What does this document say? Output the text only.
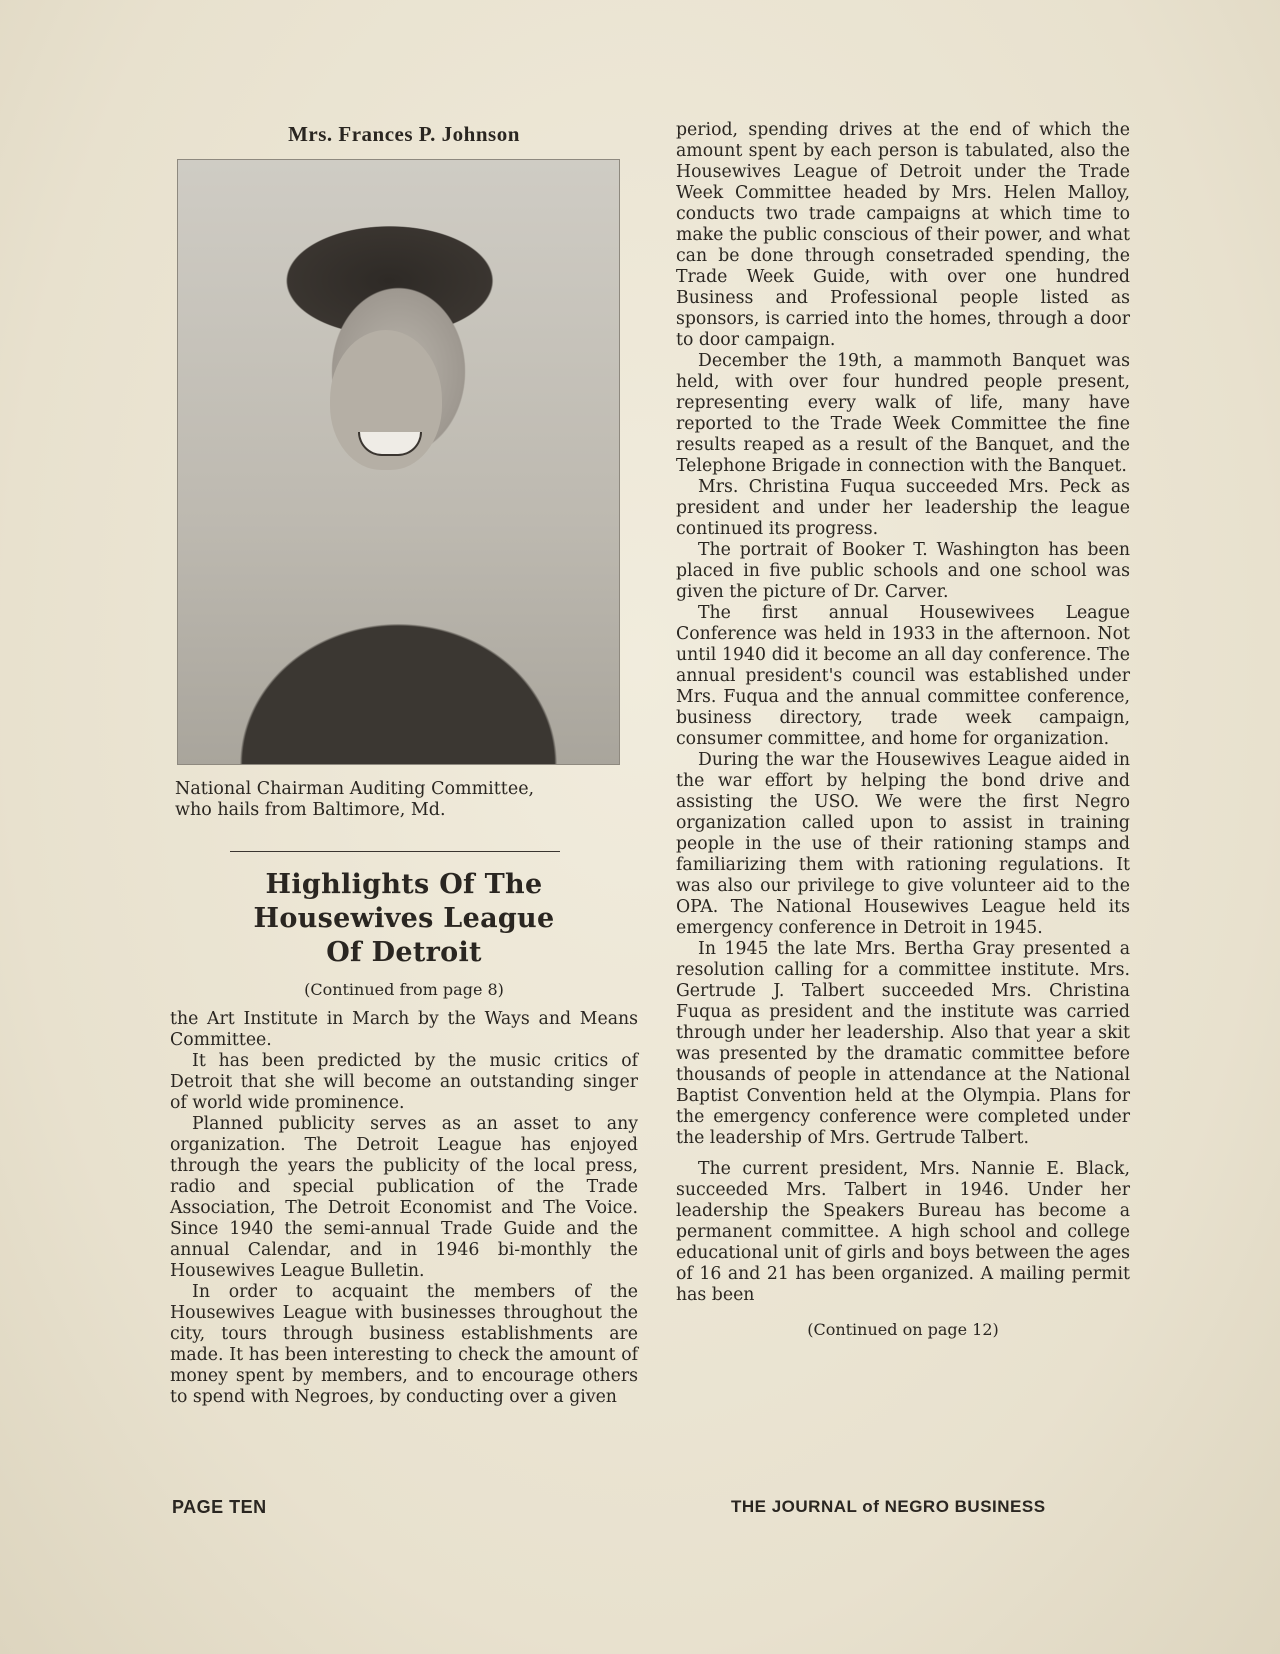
Mrs. Frances P. Johnson
National Chairman Auditing Committee,
who hails from Baltimore, Md.
Highlights Of The
Housewives League
Of Detroit
(Continued from page 8)

the Art Institute in March by the Ways and Means Committee.

It has been predicted by the music critics of Detroit that she will become an outstanding singer of world wide prominence.

Planned publicity serves as an asset to any organization. The Detroit League has enjoyed through the years the publicity of the local press, radio and special publication of the Trade Association, The Detroit Economist and The Voice. Since 1940 the semi-annual Trade Guide and the annual Calendar, and in 1946 bi-monthly the Housewives League Bulletin.

In order to acquaint the members of the Housewives League with businesses throughout the city, tours through business establishments are made. It has been interesting to check the amount of money spent by members, and to encourage others to spend with Negroes, by conducting over a given

period, spending drives at the end of which the amount spent by each person is tabulated, also the Housewives League of Detroit under the Trade Week Committee headed by Mrs. Helen Malloy, conducts two trade campaigns at which time to make the public conscious of their power, and what can be done through consetraded spending, the Trade Week Guide, with over one hundred Business and Professional people listed as sponsors, is carried into the homes, through a door to door campaign.

December the 19th, a mammoth Banquet was held, with over four hundred people present, representing every walk of life, many have reported to the Trade Week Committee the fine results reaped as a result of the Banquet, and the Telephone Brigade in connection with the Banquet.

Mrs. Christina Fuqua succeeded Mrs. Peck as president and under her leadership the league continued its progress.

The portrait of Booker T. Washington has been placed in five public schools and one school was given the picture of Dr. Carver.

The first annual Housewivees League Conference was held in 1933 in the afternoon. Not until 1940 did it become an all day conference. The annual president's council was established under Mrs. Fuqua and the annual committee conference, business directory, trade week campaign, consumer committee, and home for organization.

During the war the Housewives League aided in the war effort by helping the bond drive and assisting the USO. We were the first Negro organization called upon to assist in training people in the use of their rationing stamps and familiarizing them with rationing regulations. It was also our privilege to give volunteer aid to the OPA. The National Housewives League held its emergency conference in Detroit in 1945.

In 1945 the late Mrs. Bertha Gray presented a resolution calling for a committee institute. Mrs. Gertrude J. Talbert succeeded Mrs. Christina Fuqua as president and the institute was carried through under her leadership. Also that year a skit was presented by the dramatic committee before thousands of people in attendance at the National Baptist Convention held at the Olympia. Plans for the emergency conference were completed under the leadership of Mrs. Gertrude Talbert.

The current president, Mrs. Nannie E. Black, succeeded Mrs. Talbert in 1946. Under her leadership the Speakers Bureau has become a permanent committee. A high school and college educational unit of girls and boys between the ages of 16 and 21 has been organized. A mailing permit has been

(Continued on page 12)
PAGE TEN	THE JOURNAL of NEGRO BUSINESS
